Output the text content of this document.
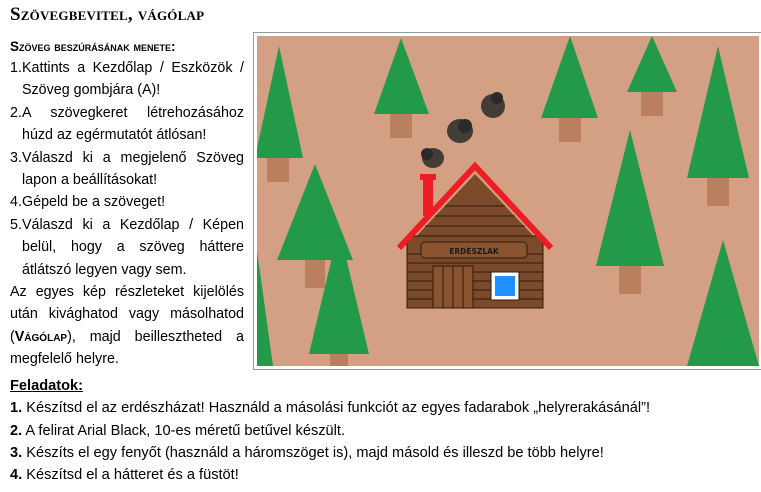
Szövegbevitel, vágólap
Szöveg beszúrásának menete:
1. Kattints a Kezdőlap / Eszközök / Szöveg gombjára (A)!
2. A szövegkeret létrehozásához húzd az egérmutatót átlósan!
3. Válaszd ki a megjelenő Szöveg lapon a beállításokat!
4. Gépeld be a szöveget!
5. Válaszd ki a Kezdőlap / Képen belül, hogy a szöveg háttere átlátszó legyen vagy sem.
Az egyes kép részleteket kijelölés után kivághatod vagy másolhatod (Vágólap), majd beillesztheted a megfelelő helyre.
ERDÉSZLAK
Feladatok:
1. Készítsd el az erdészházat! Használd a másolási funkciót az egyes fadarabok „helyrerakásánál”!
2. A felirat Arial Black, 10-es méretű betűvel készült.
3. Készíts el egy fenyőt (használd a háromszöget is), majd másold és illeszd be több helyre!
4. Készítsd el a hátteret és a füstöt!
